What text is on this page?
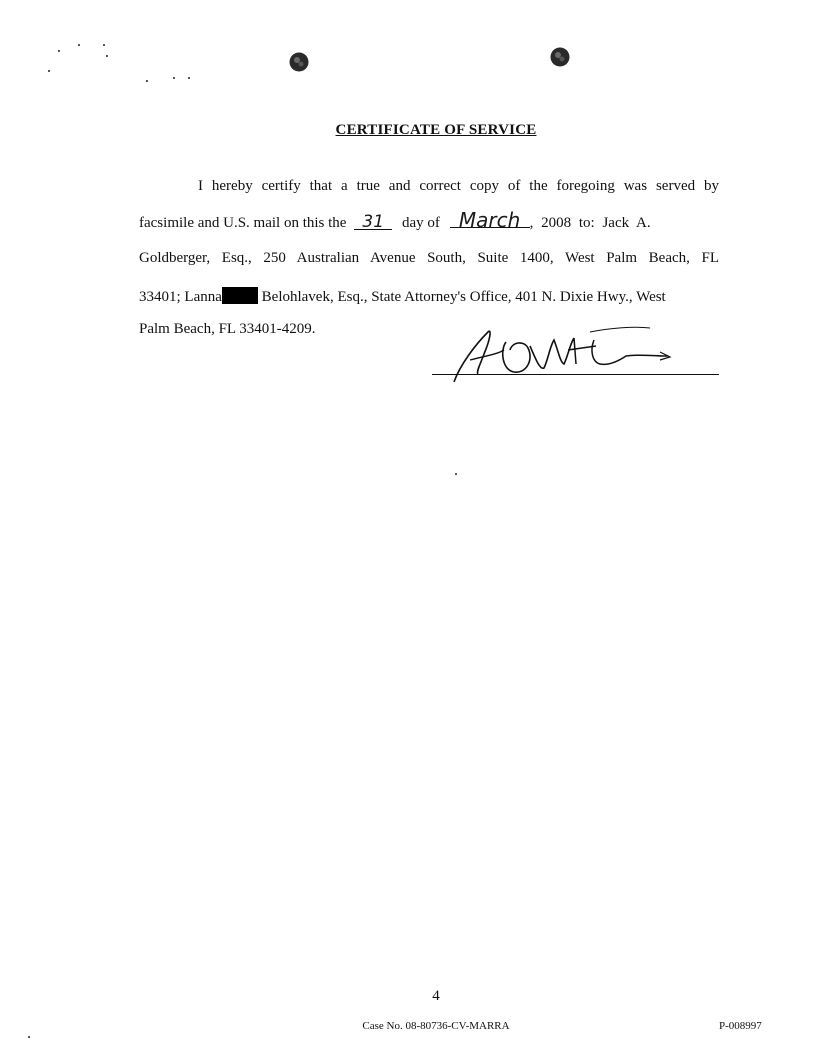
CERTIFICATE OF SERVICE
I hereby certify that a true and correct copy of the foregoing was served by
facsimile and U.S. mail on this the 31 day of March , 2008 to: Jack A.
Goldberger, Esq., 250 Australian Avenue South, Suite 1400, West Palm Beach, FL
33401; Lanna	Belohlavek, Esq., State Attorney's Office, 401 N. Dixie Hwy., West
Palm Beach, FL 33401-4209.
4
Case No. 08-80736-CV-MARRA	P-008997
